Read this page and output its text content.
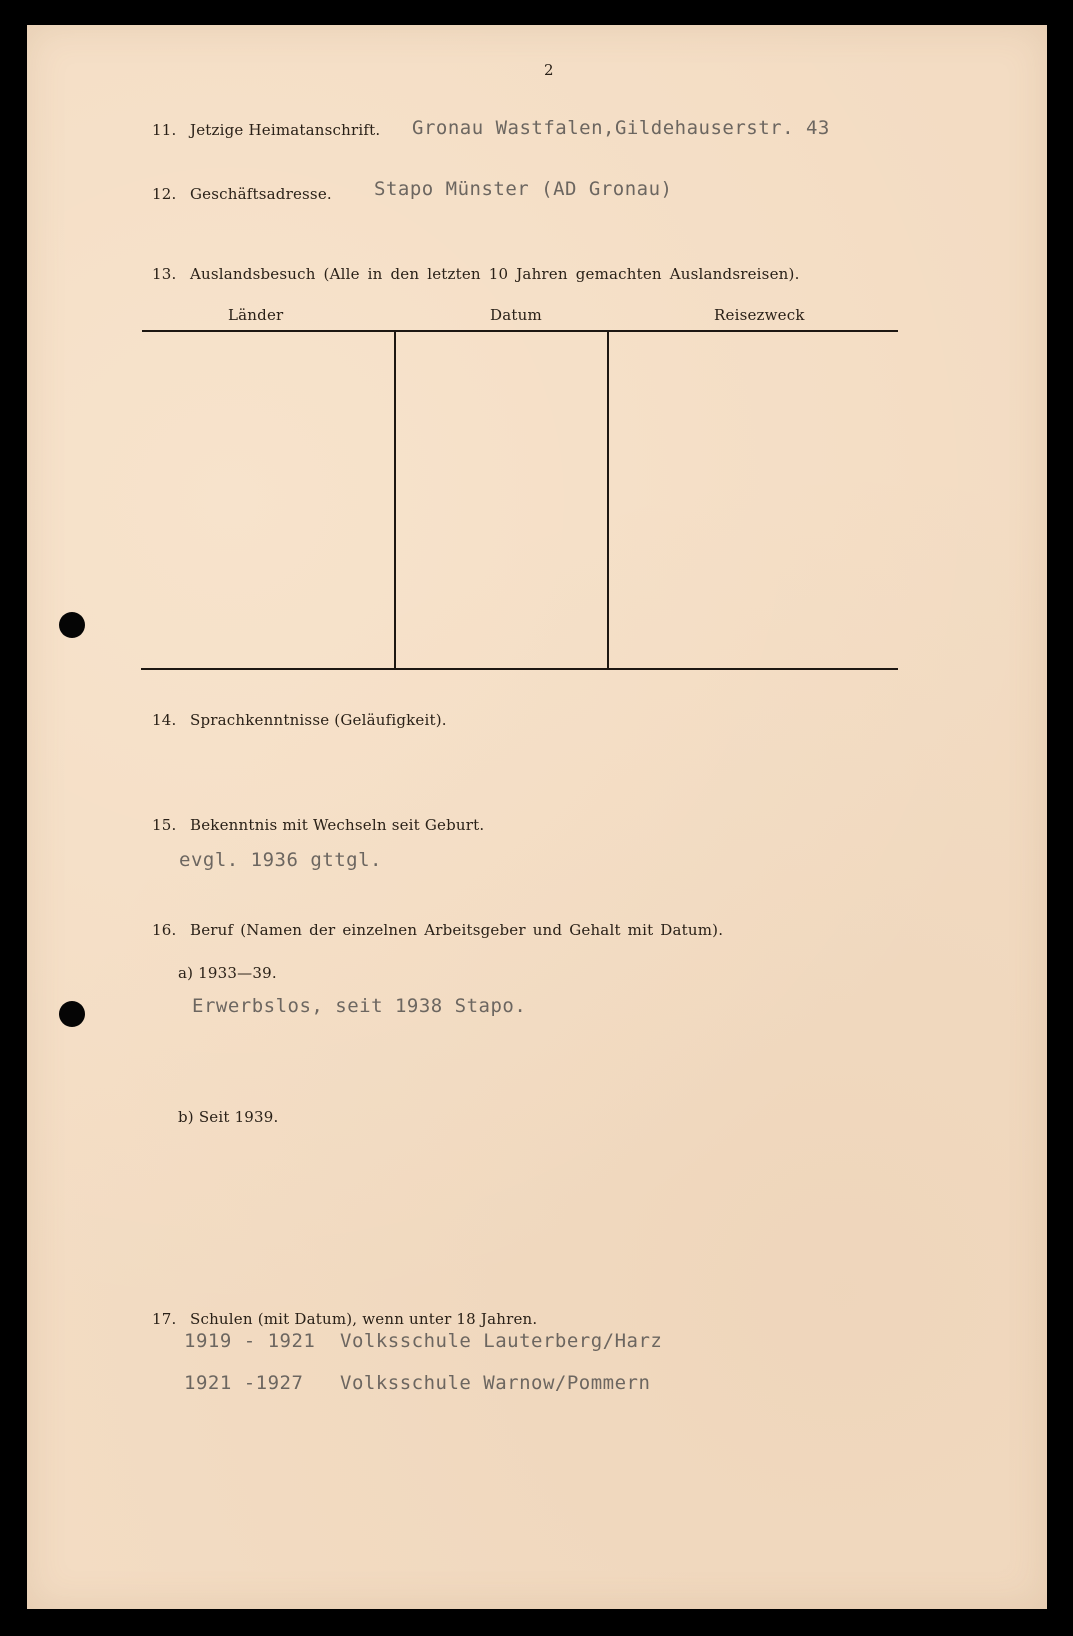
2
11. Jetzige Heimatanschrift. Gronau Wastfalen,Gildehauserstr. 43
12. Geschäftsadresse. Stapo Münster (AD Gronau)
13. Auslandsbesuch (Alle in den letzten 10 Jahren gemachten Auslandsreisen).
Länder	Datum	Reisezweck
14. Sprachkenntnisse (Geläufigkeit).
15. Bekenntnis mit Wechseln seit Geburt.
evgl. 1936 gttgl.
16. Beruf (Namen der einzelnen Arbeitsgeber und Gehalt mit Datum).
a) 1933—39.
Erwerbslos, seit 1938 Stapo.
b) Seit 1939.
17. Schulen (mit Datum), wenn unter 18 Jahren.
1919 - 1921 Volksschule Lauterberg/Harz
1921 -1927 Volksschule Warnow/Pommern
